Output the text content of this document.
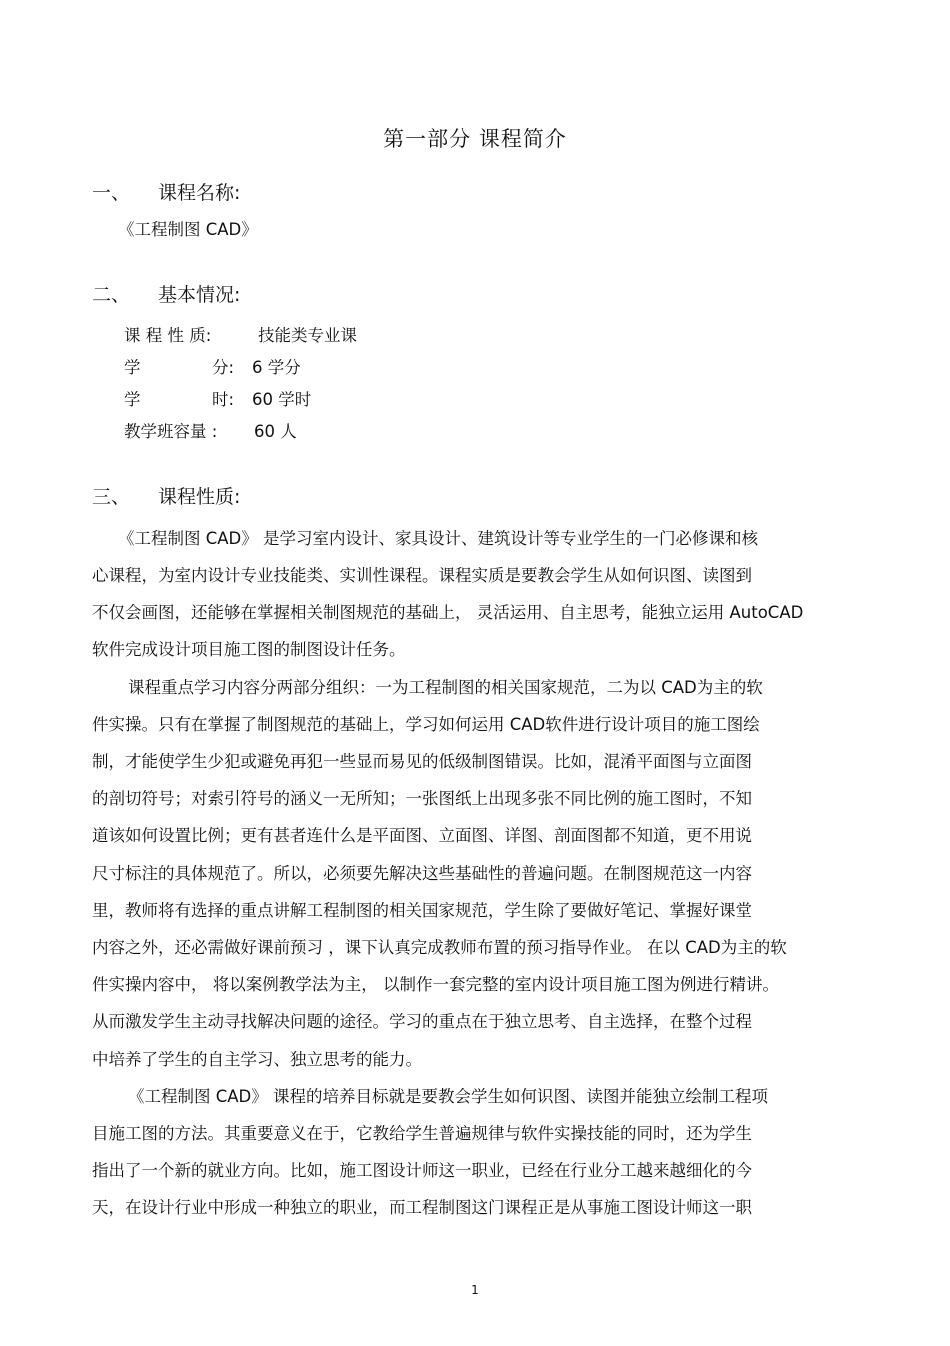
第一部分 课程简介
一、 课程名称:
《工程制图 CAD》
二、 基本情况:
课 程 性 质:	技能类专业课
学	分: 6 学分
学	时: 60 学时
教学班容量 : 60 人
三、 课程性质:
《工程制图 CAD》 是学习室内设计、家具设计、建筑设计等专业学生的一门必修课和核
心课程，为室内设计专业技能类、实训性课程。课程实质是要教会学生从如何识图、读图到
不仅会画图，还能够在掌握相关制图规范的基础上， 灵活运用、自主思考，能独立运用 AutoCAD
软件完成设计项目施工图的制图设计任务。
课程重点学习内容分两部分组织：一为工程制图的相关国家规范，二为以 CAD为主的软
件实操。只有在掌握了制图规范的基础上，学习如何运用 CAD软件进行设计项目的施工图绘
制，才能使学生少犯或避免再犯一些显而易见的低级制图错误。比如，混淆平面图与立面图
的剖切符号；对索引符号的涵义一无所知；一张图纸上出现多张不同比例的施工图时，不知
道该如何设置比例；更有甚者连什么是平面图、立面图、详图、剖面图都不知道，更不用说
尺寸标注的具体规范了。所以，必须要先解决这些基础性的普遍问题。在制图规范这一内容
里，教师将有选择的重点讲解工程制图的相关国家规范，学生除了要做好笔记、掌握好课堂
内容之外，还必需做好课前预习 ，课下认真完成教师布置的预习指导作业。 在以 CAD为主的软
件实操内容中， 将以案例教学法为主， 以制作一套完整的室内设计项目施工图为例进行精讲。
从而激发学生主动寻找解决问题的途径。学习的重点在于独立思考、自主选择，在整个过程
中培养了学生的自主学习、独立思考的能力。
《工程制图 CAD》 课程的培养目标就是要教会学生如何识图、读图并能独立绘制工程项
目施工图的方法。其重要意义在于，它教给学生普遍规律与软件实操技能的同时，还为学生
指出了一个新的就业方向。比如，施工图设计师这一职业，已经在行业分工越来越细化的今
天，在设计行业中形成一种独立的职业，而工程制图这门课程正是从事施工图设计师这一职
1
